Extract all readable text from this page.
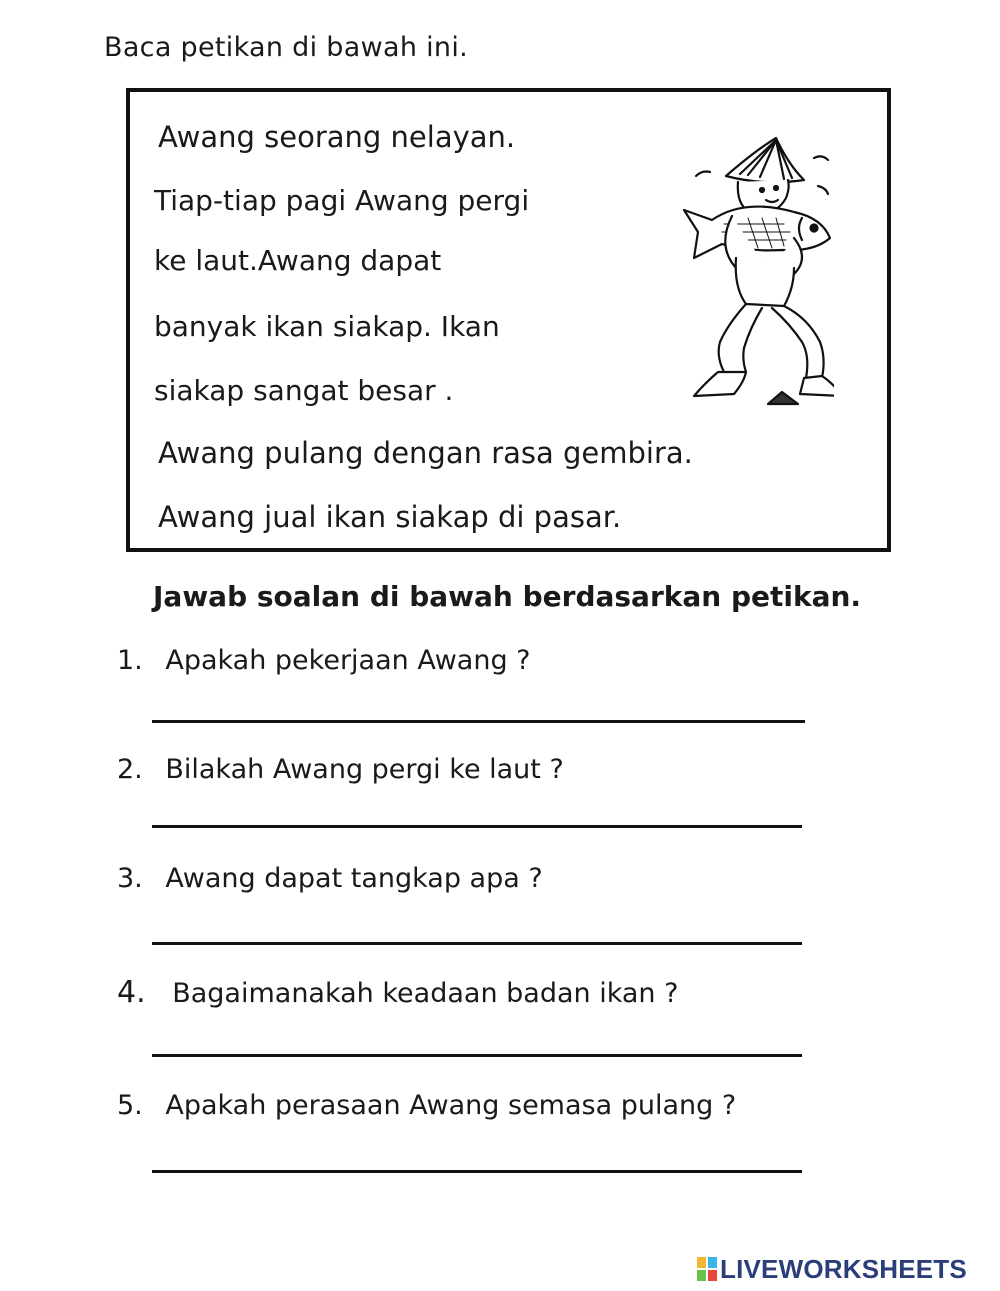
Baca petikan di bawah ini.
Awang seorang nelayan.
Tiap-tiap pagi Awang pergi
ke laut.Awang dapat
banyak ikan siakap. Ikan
siakap sangat besar .
Awang pulang dengan rasa gembira.
Awang jual ikan siakap di pasar.
Jawab soalan di bawah berdasarkan petikan.
1. Apakah pekerjaan Awang ?
2. Bilakah Awang pergi ke laut ?
3. Awang dapat tangkap apa ?
4. Bagaimanakah keadaan badan ikan ?
5. Apakah perasaan Awang semasa pulang ?
LIVEWORKSHEETS
